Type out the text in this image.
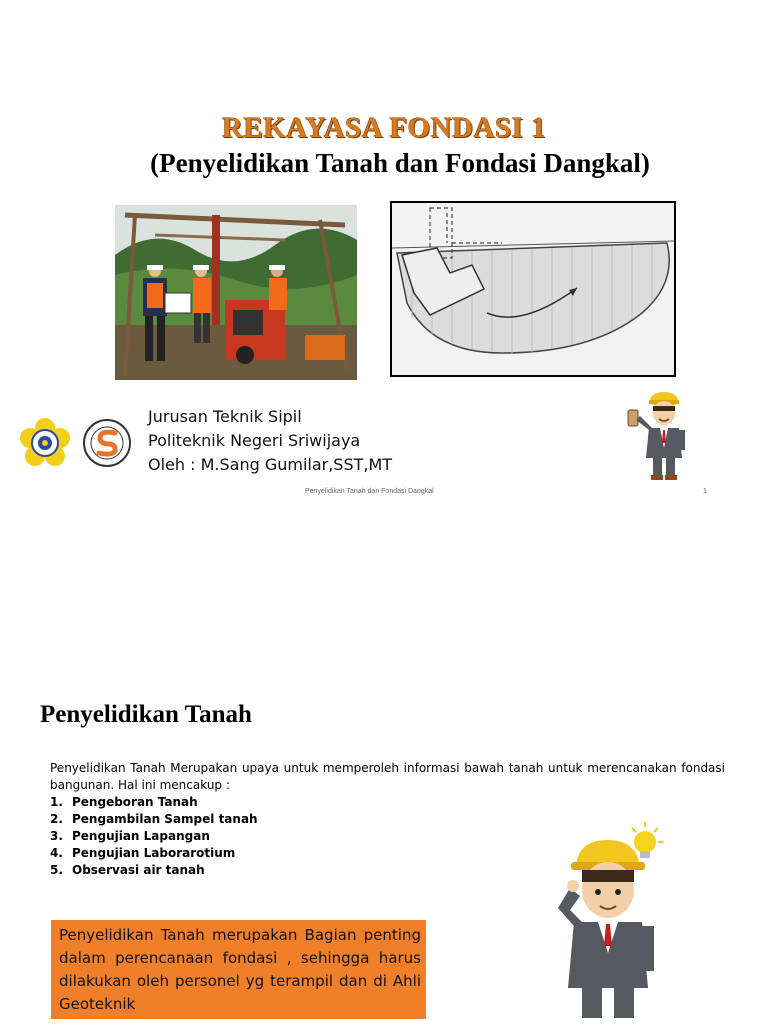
REKAYASA FONDASI 1
(Penyelidikan Tanah dan Fondasi Dangkal)
Jurusan Teknik Sipil
Politeknik Negeri Sriwijaya
Oleh : M.Sang Gumilar,SST,MT
Penyelidikan Tanah dan Fondasi Dangkal	1
Penyelidikan Tanah
Penyelidikan Tanah Merupakan upaya untuk memperoleh informasi bawah tanah untuk merencanakan fondasi bangunan. Hal ini mencakup :
1. Pengeboran Tanah
2. Pengambilan Sampel tanah
3. Pengujian Lapangan
4. Pengujian Laborarotium
5. Observasi air tanah
Penyelidikan Tanah merupakan Bagian penting dalam perencanaan fondasi , sehingga harus dilakukan oleh personel yg terampil dan di Ahli Geoteknik
